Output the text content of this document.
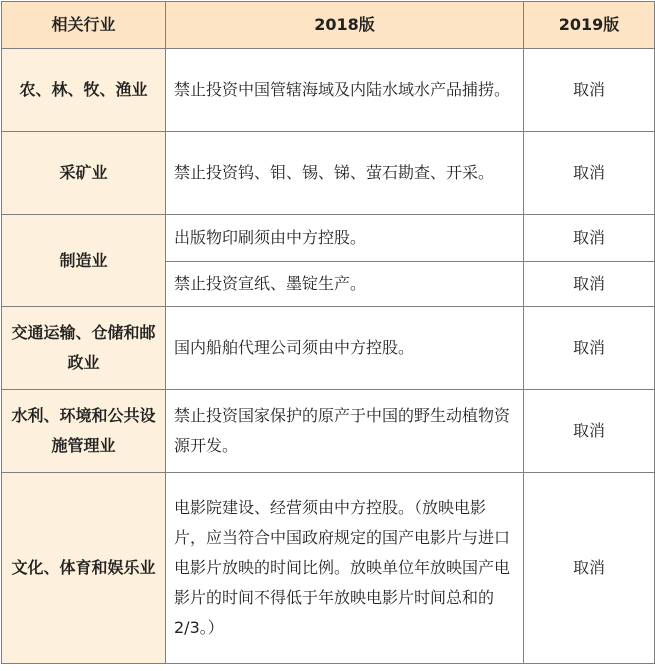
相关行业	2018版	2019版
农、林、牧、渔业	禁止投资中国管辖海域及内陆水域水产品捕捞。	取消
采矿业	禁止投资钨、钼、锡、锑、萤石勘查、开采。	取消
制造业	出版物印刷须由中方控股。	取消
	禁止投资宣纸、墨锭生产。	取消
交通运输、仓储和邮政业	国内船舶代理公司须由中方控股。	取消
水利、环境和公共设施管理业	禁止投资国家保护的原产于中国的野生动植物资源开发。	取消
文化、体育和娱乐业	电影院建设、经营须由中方控股。（放映电影片，应当符合中国政府规定的国产电影片与进口电影片放映的时间比例。放映单位年放映国产电影片的时间不得低于年放映电影片时间总和的 2/3。）	取消
